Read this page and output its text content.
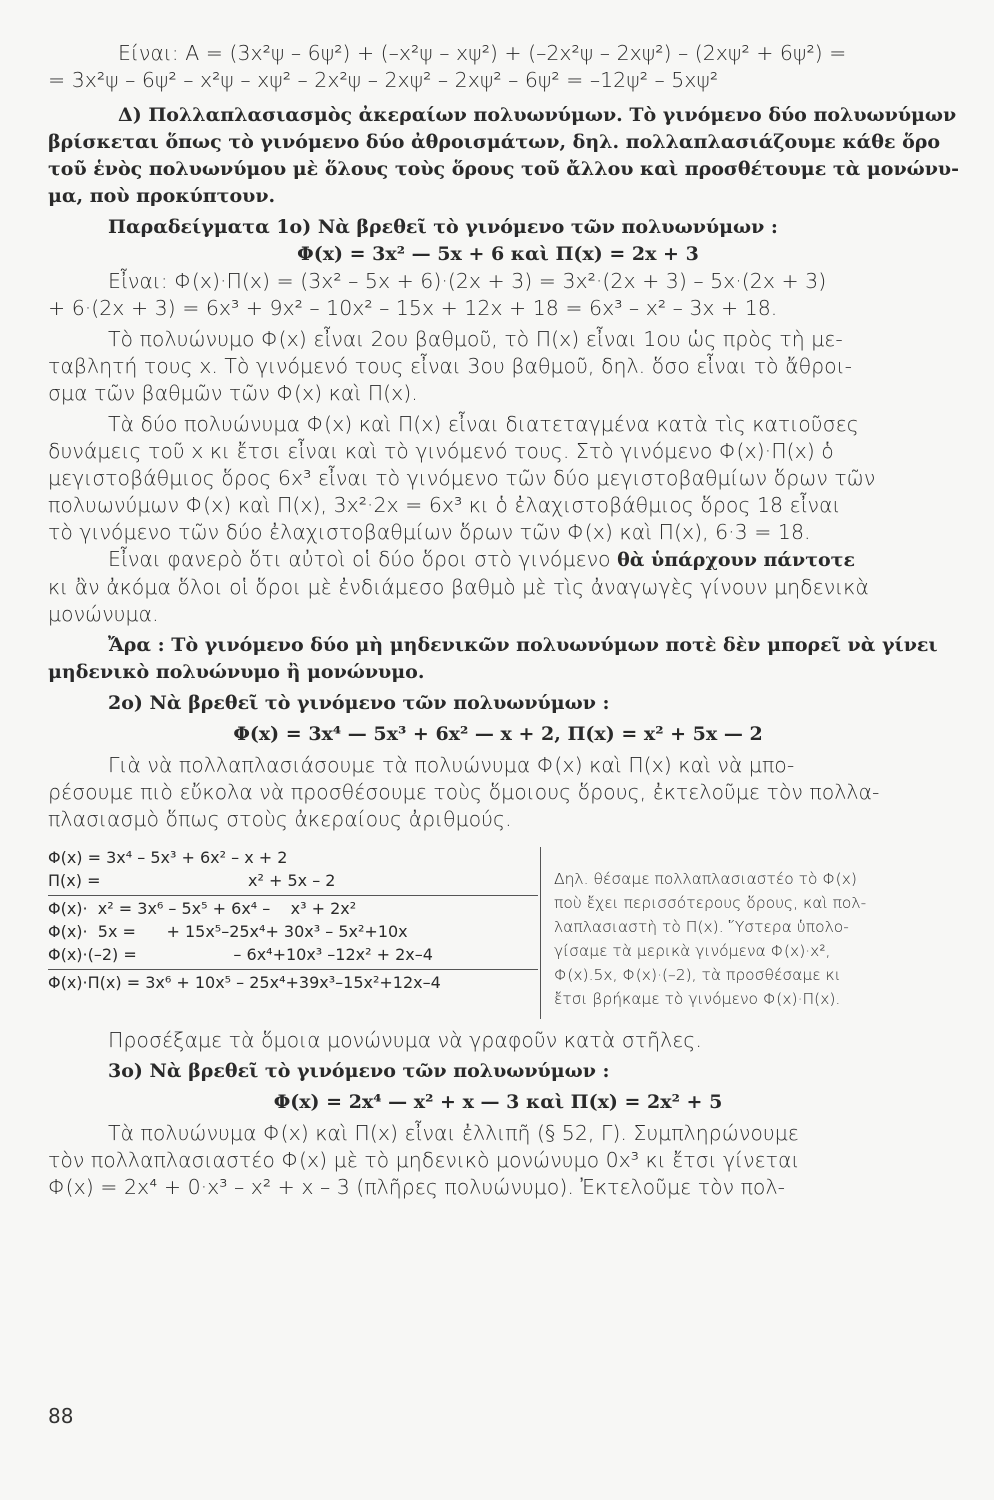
Είναι: Α = (3x²ψ – 6ψ²) + (–x²ψ – xψ²) + (–2x²ψ – 2xψ²) – (2xψ² + 6ψ²) =
= 3x²ψ – 6ψ² – x²ψ – xψ² – 2x²ψ – 2xψ² – 2xψ² – 6ψ² = –12ψ² – 5xψ²
Δ) Πολλαπλασιασμὸς ἀκεραίων πολυωνύμων. Τὸ γινόμενο δύο πολυωνύμων
βρίσκεται ὅπως τὸ γινόμενο δύο ἀθροισμάτων, δηλ. πολλαπλασιάζουμε κάθε ὅρο
τοῦ ἑνὸς πολυωνύμου μὲ ὅλους τοὺς ὅρους τοῦ ἄλλου καὶ προσθέτουμε τὰ μονώνυ-
μα, ποὺ προκύπτουν.
Παραδείγματα 1ο) Νὰ βρεθεῖ τὸ γινόμενο τῶν πολυωνύμων :
Φ(x) = 3x² — 5x + 6 καὶ Π(x) = 2x + 3
Εἶναι: Φ(x)·Π(x) = (3x² – 5x + 6)·(2x + 3) = 3x²·(2x + 3) – 5x·(2x + 3)
+ 6·(2x + 3) = 6x³ + 9x² – 10x² – 15x + 12x + 18 = 6x³ – x² – 3x + 18.
Τὸ πολυώνυμο Φ(x) εἶναι 2ου βαθμοῦ, τὸ Π(x) εἶναι 1ου ὡς πρὸς τὴ με-
ταβλητή τους x. Τὸ γινόμενό τους εἶναι 3ου βαθμοῦ, δηλ. ὅσο εἶναι τὸ ἄθροι-
σμα τῶν βαθμῶν τῶν Φ(x) καὶ Π(x).
Τὰ δύο πολυώνυμα Φ(x) καὶ Π(x) εἶναι διατεταγμένα κατὰ τὶς κατιοῦσες
δυνάμεις τοῦ x κι ἔτσι εἶναι καὶ τὸ γινόμενό τους. Στὸ γινόμενο Φ(x)·Π(x) ὁ
μεγιστοβάθμιος ὅρος 6x³ εἶναι τὸ γινόμενο τῶν δύο μεγιστοβαθμίων ὅρων τῶν
πολυωνύμων Φ(x) καὶ Π(x), 3x²·2x = 6x³ κι ὁ ἐλαχιστοβάθμιος ὅρος 18 εἶναι
τὸ γινόμενο τῶν δύο ἐλαχιστοβαθμίων ὅρων τῶν Φ(x) καὶ Π(x), 6·3 = 18.
Εἶναι φανερὸ ὅτι αὐτοὶ οἱ δύο ὅροι στὸ γινόμενο θὰ ὑπάρχουν πάντοτε
κι ἂν ἀκόμα ὅλοι οἱ ὅροι μὲ ἐνδιάμεσο βαθμὸ μὲ τὶς ἀναγωγὲς γίνουν μηδενικὰ
μονώνυμα.
Ἄρα : Τὸ γινόμενο δύο μὴ μηδενικῶν πολυωνύμων ποτὲ δὲν μπορεῖ νὰ γίνει
μηδενικὸ πολυώνυμο ἢ μονώνυμο.
2ο) Νὰ βρεθεῖ τὸ γινόμενο τῶν πολυωνύμων :
Φ(x) = 3x⁴ — 5x³ + 6x² — x + 2, Π(x) = x² + 5x — 2
Γιὰ νὰ πολλαπλασιάσουμε τὰ πολυώνυμα Φ(x) καὶ Π(x) καὶ νὰ μπο-
ρέσουμε πιὸ εὔκολα νὰ προσθέσουμε τοὺς ὅμοιους ὅρους, ἐκτελοῦμε τὸν πολλα-
πλασιασμὸ ὅπως στοὺς ἀκεραίους ἀριθμούς.
Φ(x) = 3x⁴ – 5x³ + 6x² – x + 2
Π(x) =	x² + 5x – 2
Φ(x)·  x² = 3x⁶ – 5x⁵ + 6x⁴ –    x³ + 2x²
Φ(x)·  5x =      + 15x⁵–25x⁴+ 30x³ – 5x²+10x
Φ(x)·(–2) =                   – 6x⁴+10x³ –12x² + 2x–4
Φ(x)·Π(x) = 3x⁶ + 10x⁵ – 25x⁴+39x³–15x²+12x–4
Δηλ. θέσαμε πολλαπλασιαστέο τὸ Φ(x)
ποὺ ἔχει περισσότερους ὅρους, καὶ πολ-
λαπλασιαστὴ τὸ Π(x). Ὕστερα ὑπολο-
γίσαμε τὰ μερικὰ γινόμενα Φ(x)·x²,
Φ(x).5x, Φ(x)·(–2), τὰ προσθέσαμε κι
ἔτσι βρήκαμε τὸ γινόμενο Φ(x)·Π(x).
Προσέξαμε τὰ ὅμοια μονώνυμα νὰ γραφοῦν κατὰ στῆλες.
3ο) Νὰ βρεθεῖ τὸ γινόμενο τῶν πολυωνύμων :
Φ(x) = 2x⁴ — x² + x — 3 καὶ Π(x) = 2x² + 5
Τὰ πολυώνυμα Φ(x) καὶ Π(x) εἶναι ἐλλιπῆ (§ 52, Γ). Συμπληρώνουμε
τὸν πολλαπλασιαστέο Φ(x) μὲ τὸ μηδενικὸ μονώνυμο 0x³ κι ἔτσι γίνεται
Φ(x) = 2x⁴ + 0·x³ – x² + x – 3 (πλῆρες πολυώνυμο). Ἐκτελοῦμε τὸν πολ-
88
